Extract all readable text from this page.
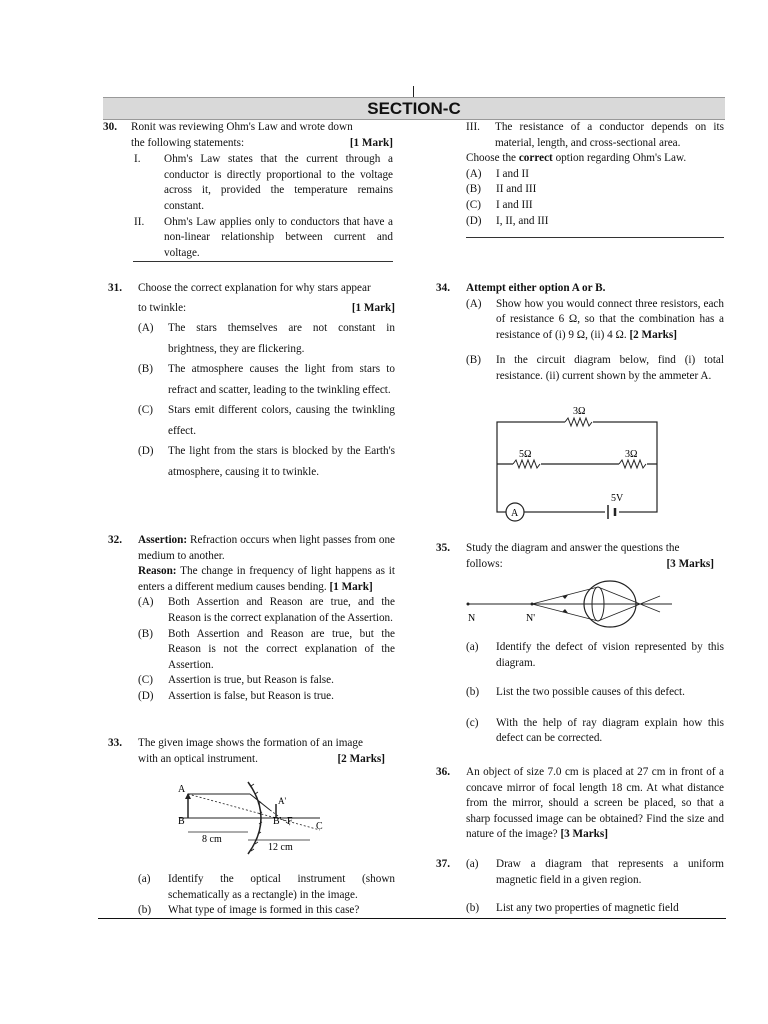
SECTION-C
30. Ronit was reviewing Ohm's Law and wrote down
the following statements:	[1 Mark]
I.	Ohm's Law states that the current through a conductor is directly proportional to the voltage across it, provided the temperature remains constant.
II.	Ohm's Law applies only to conductors that have a non-linear relationship between current and voltage.
III.	The resistance of a conductor depends on its material, length, and cross-sectional area.
Choose the correct option regarding Ohm's Law.
(A)	I and II
(B)	II and III
(C)	I and III
(D)	I, II, and III
31. Choose the correct explanation for why stars appear
to twinkle:	[1 Mark]
(A)	The stars themselves are not constant in brightness, they are flickering.
(B)	The atmosphere causes the light from stars to refract and scatter, leading to the twinkling effect.
(C)	Stars emit different colors, causing the twinkling effect.
(D)	The light from the stars is blocked by the Earth's atmosphere, causing it to twinkle.
32. Assertion: Refraction occurs when light passes from one medium to another.
Reason: The change in frequency of light happens as it enters a different medium causes bending. [1 Mark]
(A)	Both Assertion and Reason are true, and the Reason is the correct explanation of the Assertion.
(B)	Both Assertion and Reason are true, but the Reason is not the correct explanation of the Assertion.
(C)	Assertion is true, but Reason is false.
(D)	Assertion is false, but Reason is true.
33. The given image shows the formation of an image
with an optical instrument.	[2 Marks]
A
A'
B	B' F C
8 cm
12 cm
(a)	Identify the optical instrument (shown schematically as a rectangle) in the image.
(b)	What type of image is formed in this case?
34. Attempt either option A or B.
(A)	Show how you would connect three resistors, each of resistance 6 Ω, so that the combination has a resistance of (i) 9 Ω, (ii) 4 Ω. [2 Marks]
(B)	In the circuit diagram below, find (i) total resistance. (ii) current shown by the ammeter A.
A
3Ω
5Ω	3Ω
5V
35. Study the diagram and answer the questions the
follows:	[3 Marks]
N	N'
(a)	Identify the defect of vision represented by this diagram.
(b)	List the two possible causes of this defect.
(c)	With the help of ray diagram explain how this defect can be corrected.
36. An object of size 7.0 cm is placed at 27 cm in front of a concave mirror of focal length 18 cm. At what distance from the mirror, should a screen be placed, so that a sharp focussed image can be obtained? Find the size and nature of the image? [3 Marks]
37. (a)	Draw a diagram that represents a uniform magnetic field in a given region.
(b)	List any two properties of magnetic field
